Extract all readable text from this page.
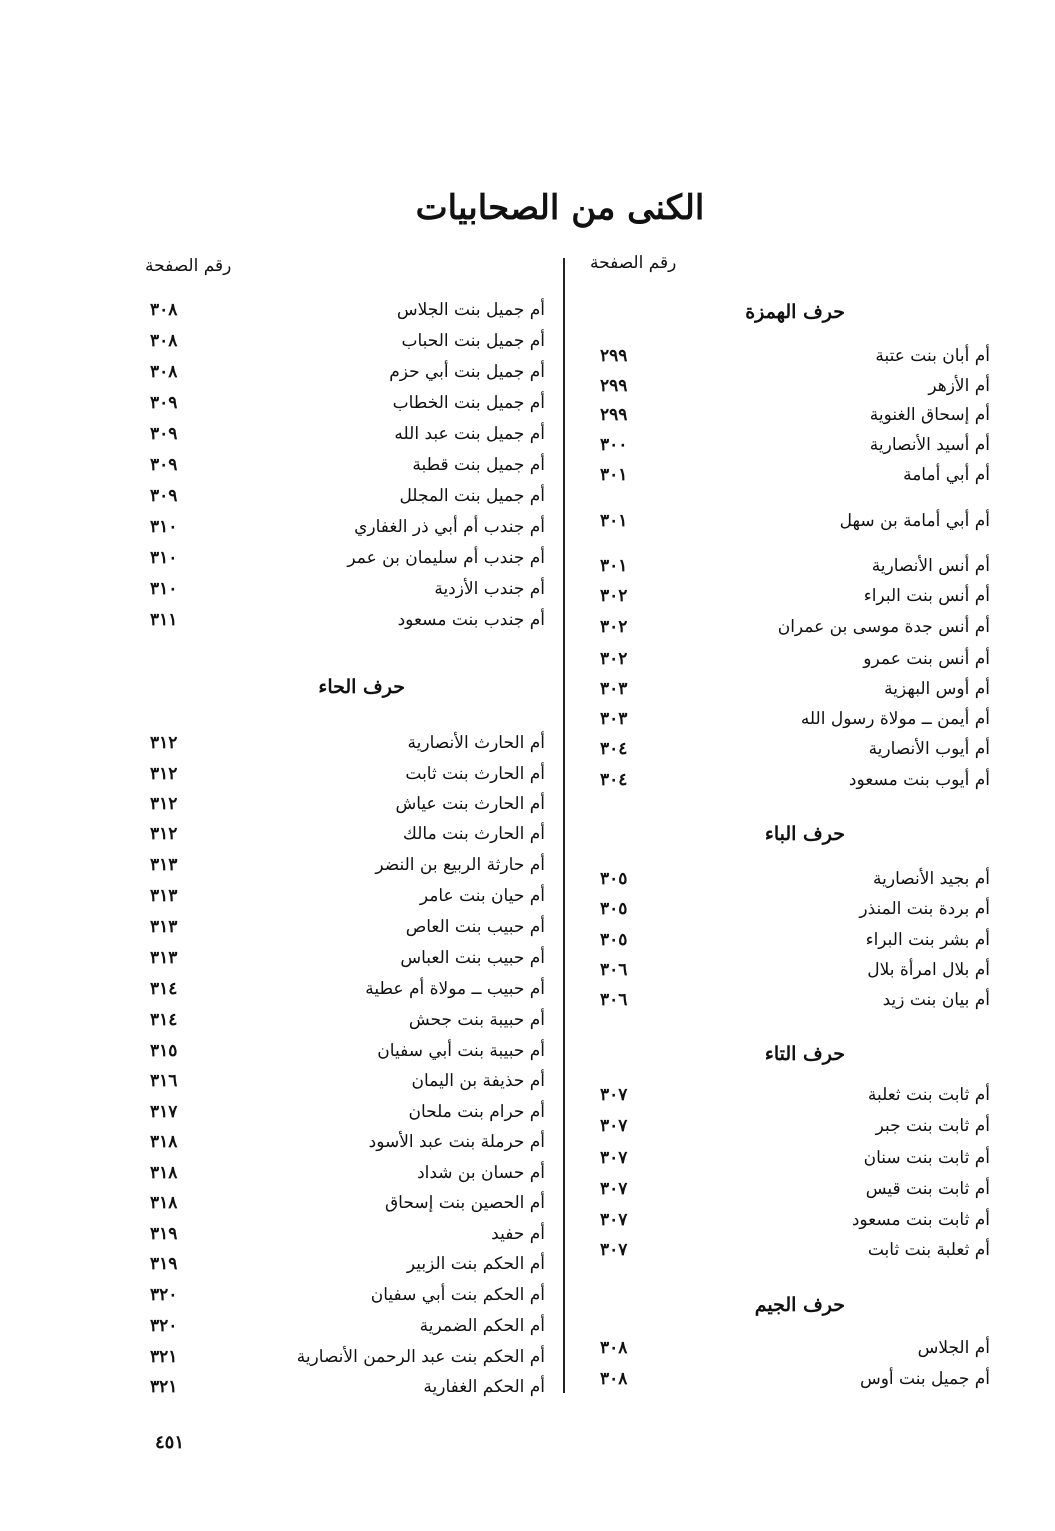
الكنى من الصحابيات
رقم الصفحة	رقم الصفحة
حرف الهمزة
أم أبان بنت عتبة
٢٩٩
أم الأزهر
٢٩٩
أم إسحاق الغنوية
٢٩٩
أم أسيد الأنصارية
٣٠٠
أم أبي أمامة
٣٠١
أم أبي أمامة بن سهل
٣٠١
أم أنس الأنصارية
٣٠١
أم أنس بنت البراء
٣٠٢
أم أنس جدة موسى بن عمران
٣٠٢
أم أنس بنت عمرو
٣٠٢
أم أوس البهزية
٣٠٣
أم أيمن ــ مولاة رسول الله
٣٠٣
أم أيوب الأنصارية
٣٠٤
أم أيوب بنت مسعود
٣٠٤
حرف الباء
أم بجيد الأنصارية
٣٠٥
أم بردة بنت المنذر
٣٠٥
أم بشر بنت البراء
٣٠٥
أم بلال امرأة بلال
٣٠٦
أم بيان بنت زيد
٣٠٦
حرف التاء
أم ثابت بنت ثعلبة
٣٠٧
أم ثابت بنت جبر
٣٠٧
أم ثابت بنت سنان
٣٠٧
أم ثابت بنت قيس
٣٠٧
أم ثابت بنت مسعود
٣٠٧
أم ثعلبة بنت ثابت
٣٠٧
حرف الجيم
أم الجلاس
٣٠٨
أم جميل بنت أوس
٣٠٨
أم جميل بنت الجلاس
٣٠٨
أم جميل بنت الحباب
٣٠٨
أم جميل بنت أبي حزم
٣٠٨
أم جميل بنت الخطاب
٣٠٩
أم جميل بنت عبد الله
٣٠٩
أم جميل بنت قطبة
٣٠٩
أم جميل بنت المجلل
٣٠٩
أم جندب أم أبي ذر الغفاري
٣١٠
أم جندب أم سليمان بن عمر
٣١٠
أم جندب الأزدية
٣١٠
أم جندب بنت مسعود
٣١١
حرف الحاء
أم الحارث الأنصارية
٣١٢
أم الحارث بنت ثابت
٣١٢
أم الحارث بنت عياش
٣١٢
أم الحارث بنت مالك
٣١٢
أم حارثة الربيع بن النضر
٣١٣
أم حيان بنت عامر
٣١٣
أم حبيب بنت العاص
٣١٣
أم حبيب بنت العباس
٣١٣
أم حبيب ــ مولاة أم عطية
٣١٤
أم حبيبة بنت جحش
٣١٤
أم حبيبة بنت أبي سفيان
٣١٥
أم حذيفة بن اليمان
٣١٦
أم حرام بنت ملحان
٣١٧
أم حرملة بنت عبد الأسود
٣١٨
أم حسان بن شداد
٣١٨
أم الحصين بنت إسحاق
٣١٨
أم حفيد
٣١٩
أم الحكم بنت الزبير
٣١٩
أم الحكم بنت أبي سفيان
٣٢٠
أم الحكم الضمرية
٣٢٠
أم الحكم بنت عبد الرحمن الأنصارية
٣٢١
أم الحكم الغفارية
٣٢١
٤٥١
